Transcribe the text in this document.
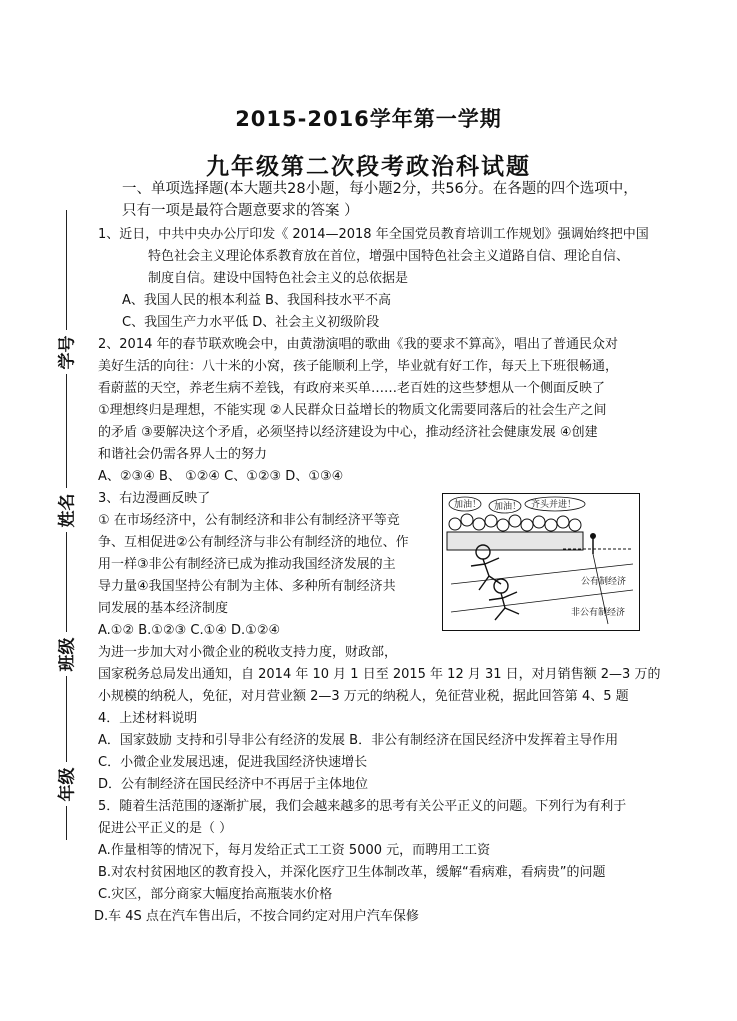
2015-2016学年第一学期
九年级第二次段考政治科试题
学号
姓名
班级
年级
一、单项选择题(本大题共28小题，每小题2分，共56分。在各题的四个选项中，
只有一项是最符合题意要求的答案 ）
1、近日，中共中央办公厅印发《 2014—2018 年全国党员教育培训工作规划》强调始终把中国
特色社会主义理论体系教育放在首位，增强中国特色社会主义道路自信、理论自信、
制度自信。建设中国特色社会主义的总依据是
A、我国人民的根本利益 B、我国科技水平不高
C、我国生产力水平低 D、社会主义初级阶段
2、2014 年的春节联欢晚会中，由黄渤演唱的歌曲《我的要求不算高》，唱出了普通民众对
美好生活的向往：八十米的小窝，孩子能顺利上学，毕业就有好工作，每天上下班很畅通，
看蔚蓝的天空，养老生病不差钱，有政府来买单……老百姓的这些梦想从一个侧面反映了
①理想终归是理想，不能实现 ②人民群众日益增长的物质文化需要同落后的社会生产之间
的矛盾 ③要解决这个矛盾，必须坚持以经济建设为中心，推动经济社会健康发展 ④创建
和谐社会仍需各界人士的努力
A、②③④ B、 ①②④ C、①②③ D、①③④
3、右边漫画反映了
① 在市场经济中，公有制经济和非公有制经济平等竞
争、互相促进②公有制经济与非公有制经济的地位、作
用一样③非公有制经济已成为推动我国经济发展的主
导力量④我国坚持公有制为主体、多种所有制经济共
同发展的基本经济制度
A.①② B.①②③ C.①④ D.①②④
加油！ 加油！ 齐头并进！
公有制经济
非公有制经济
为进一步加大对小微企业的税收支持力度，财政部，
国家税务总局发出通知，自 2014 年 10 月 1 日至 2015 年 12 月 31 日，对月销售额 2—3 万的
小规模的纳税人，免征，对月营业额 2—3 万元的纳税人，免征营业税，据此回答第 4、5 题
4．上述材料说明
A．国家鼓励 支持和引导非公有经济的发展 B．非公有制经济在国民经济中发挥着主导作用
C．小微企业发展迅速，促进我国经济快速增长
D．公有制经济在国民经济中不再居于主体地位
5．随着生活范围的逐渐扩展，我们会越来越多的思考有关公平正义的问题。下列行为有利于
促进公平正义的是（ ）
A.作量相等的情况下，每月发给正式工工资 5000 元，而聘用工工资
B.对农村贫困地区的教育投入，并深化医疗卫生体制改革，缓解“看病难，看病贵”的问题
C.灾区，部分商家大幅度抬高瓶装水价格
D.车 4S 点在汽车售出后，不按合同约定对用户汽车保修
